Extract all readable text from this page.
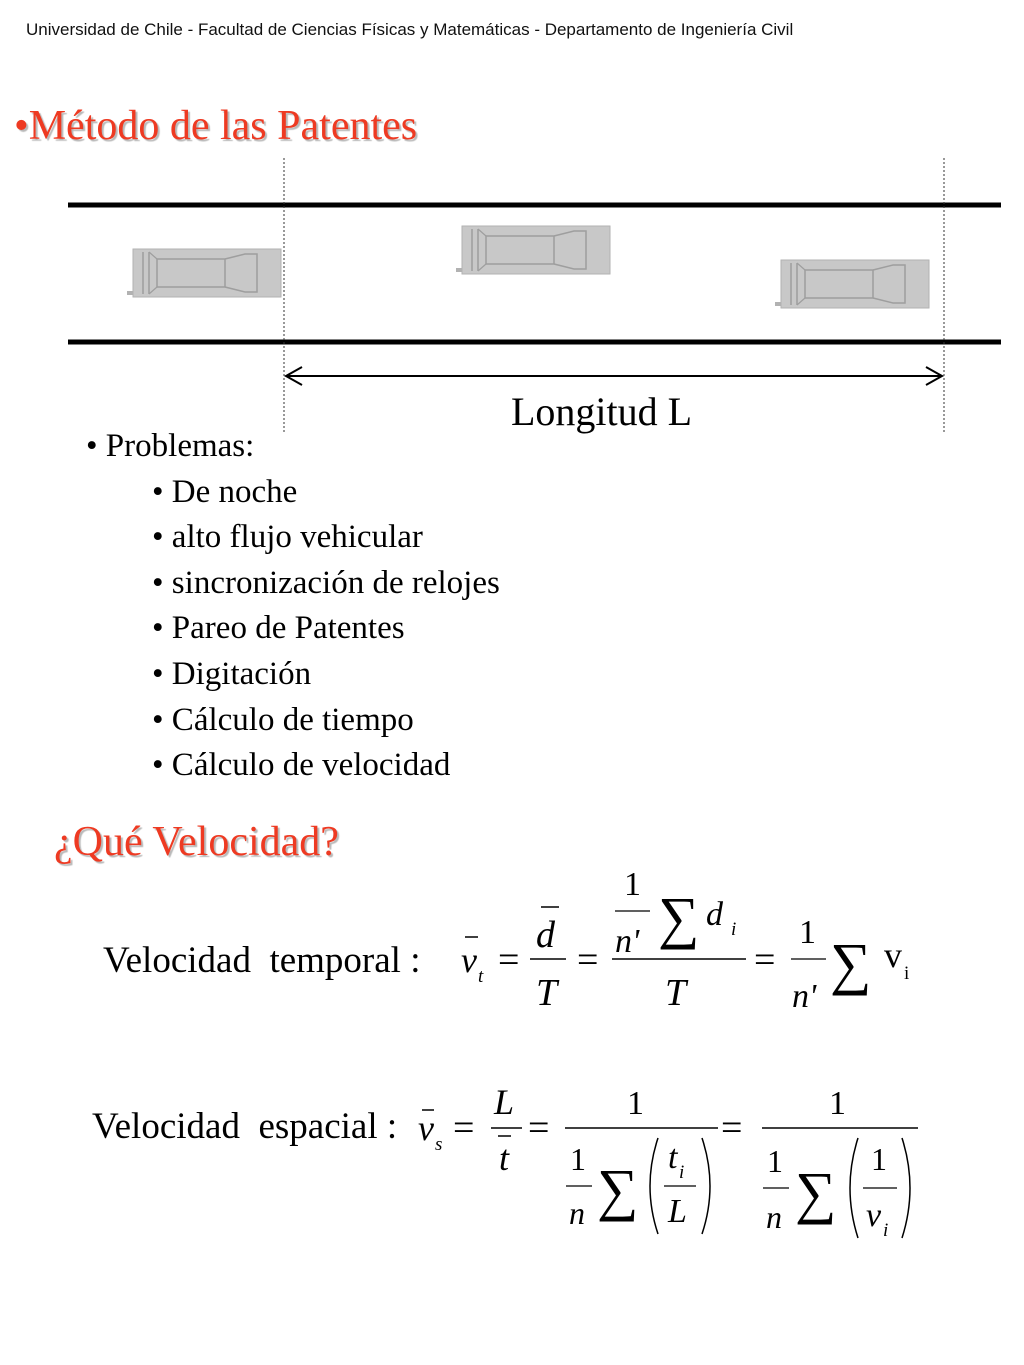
Universidad de Chile - Facultad de Ciencias Físicas y Matemáticas - Departamento de Ingeniería Civil
•Método de las Patentes
Longitud L
• Problemas:
• De noche
• alto flujo vehicular
• sincronización de relojes
• Pareo de Patentes
• Digitación
• Cálculo de tiempo
• Cálculo de velocidad
¿Qué Velocidad?
Velocidad  temporal : v t =
d
T
=
1
n' ∑ d i
T
=
1
n'
∑ v i
Velocidad  espacial : v s =
L
t
=
1
1
n ∑ t i
L
=
1
1
n ∑
1
v i
